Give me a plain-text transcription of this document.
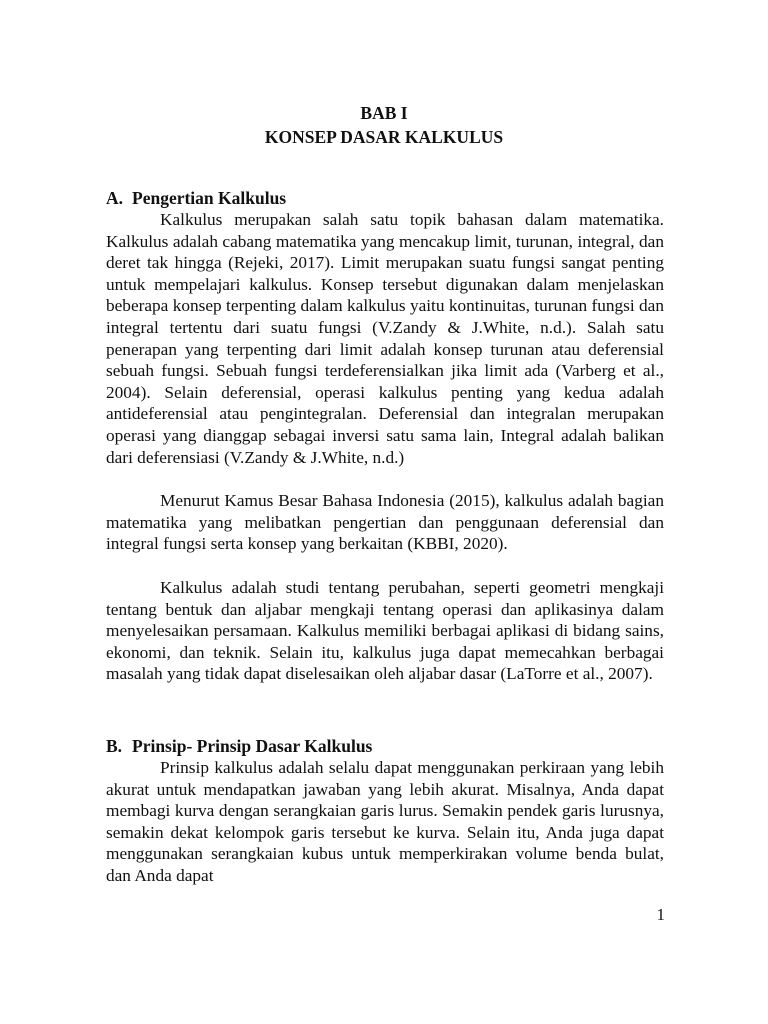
BAB I
KONSEP DASAR KALKULUS
A. Pengertian Kalkulus

Kalkulus merupakan salah satu topik bahasan dalam matematika. Kalkulus adalah cabang matematika yang mencakup limit, turunan, integral, dan deret tak hingga (Rejeki, 2017). Limit merupakan suatu fungsi sangat penting untuk mempelajari kalkulus. Konsep tersebut digunakan dalam menjelaskan beberapa konsep terpenting dalam kalkulus yaitu kontinuitas, turunan fungsi dan integral tertentu dari suatu fungsi (V.Zandy & J.White, n.d.). Salah satu penerapan yang terpenting dari limit adalah konsep turunan atau deferensial sebuah fungsi. Sebuah fungsi terdeferensialkan jika limit ada (Varberg et al., 2004). Selain deferensial, operasi kalkulus penting yang kedua adalah antideferensial atau pengintegralan. Deferensial dan integralan merupakan operasi yang dianggap sebagai inversi satu sama lain, Integral adalah balikan dari deferensiasi (V.Zandy & J.White, n.d.)

Menurut Kamus Besar Bahasa Indonesia (2015), kalkulus adalah bagian matematika yang melibatkan pengertian dan penggunaan deferensial dan integral fungsi serta konsep yang berkaitan (KBBI, 2020).

Kalkulus adalah studi tentang perubahan, seperti geometri mengkaji tentang bentuk dan aljabar mengkaji tentang operasi dan aplikasinya dalam menyelesaikan persamaan. Kalkulus memiliki berbagai aplikasi di bidang sains, ekonomi, dan teknik. Selain itu, kalkulus juga dapat memecahkan berbagai masalah yang tidak dapat diselesaikan oleh aljabar dasar (LaTorre et al., 2007).

B. Prinsip- Prinsip Dasar Kalkulus

Prinsip kalkulus adalah selalu dapat menggunakan perkiraan yang lebih akurat untuk mendapatkan jawaban yang lebih akurat. Misalnya, Anda dapat membagi kurva dengan serangkaian garis lurus. Semakin pendek garis lurusnya, semakin dekat kelompok garis tersebut ke kurva. Selain itu, Anda juga dapat menggunakan serangkaian kubus untuk memperkirakan volume benda bulat, dan Anda dapat

1
